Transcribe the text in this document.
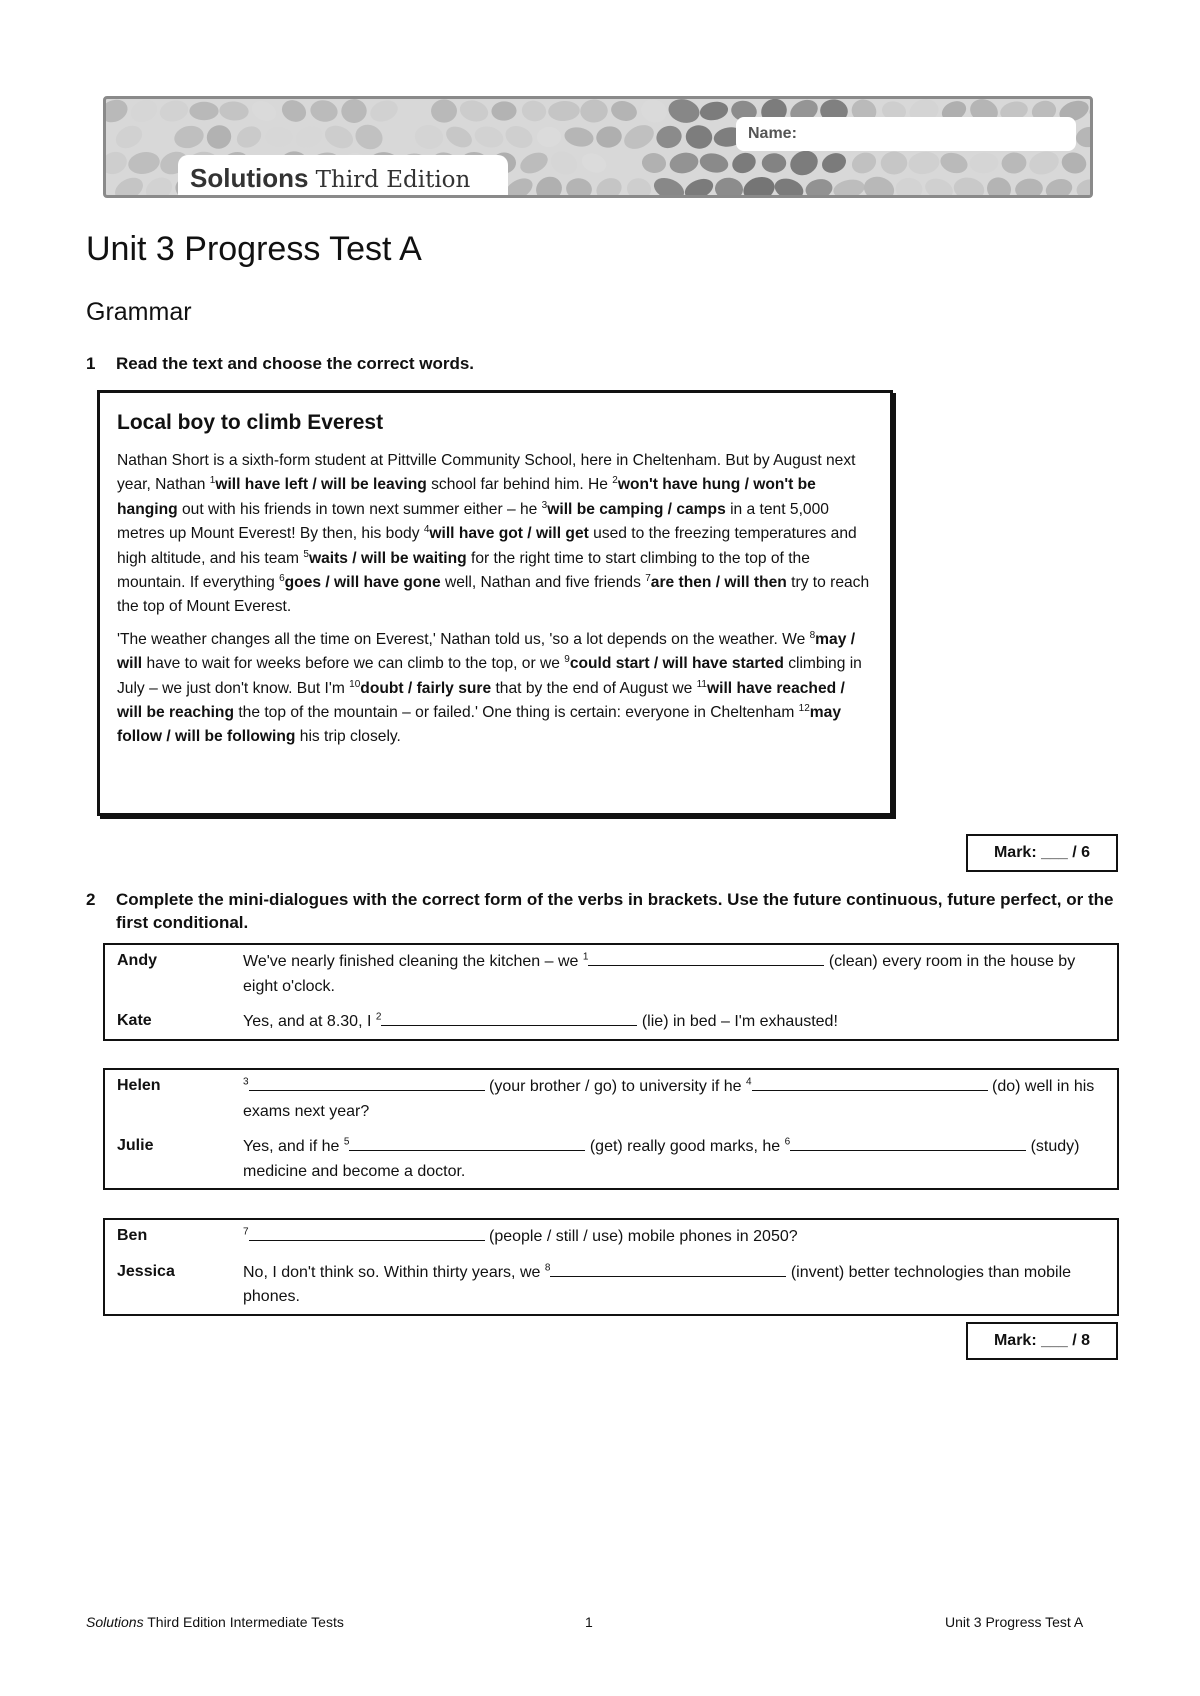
Name:
Solutions Third Edition
Unit 3 Progress Test A
Grammar
1 Read the text and choose the correct words.
Local boy to climb Everest

Nathan Short is a sixth-form student at Pittville Community School, here in Cheltenham. But by August next year, Nathan $^1$will have left / will be leaving school far behind him. He $^2$won't have hung / won't be hanging out with his friends in town next summer either – he $^3$will be camping / camps in a tent 5,000 metres up Mount Everest! By then, his body $^4$will have got / will get used to the freezing temperatures and high altitude, and his team $^5$waits / will be waiting for the right time to start climbing to the top of the mountain. If everything $^6$goes / will have gone well, Nathan and five friends $^7$are then / will then try to reach the top of Mount Everest.

'The weather changes all the time on Everest,' Nathan told us, 'so a lot depends on the weather. We $^8$may / will have to wait for weeks before we can climb to the top, or we $^9$could start / will have started climbing in July – we just don't know. But I'm $^{10}$doubt / fairly sure that by the end of August we $^{11}$will have reached / will be reaching the top of the mountain – or failed.' One thing is certain: everyone in Cheltenham $^{12}$may follow / will be following his trip closely.

Mark: ___ / 6
2 Complete the mini-dialogues with the correct form of the verbs in brackets. Use the future continuous, future perfect, or the first conditional.
Andy	We've nearly finished cleaning the kitchen – we $^1$	(clean) every room in the house by eight o'clock.
Kate	Yes, and at 8.30, I $^2$	(lie) in bed – I'm exhausted!
Helen	$^3$	(your brother / go) to university if he $^4$	(do) well in his exams next year?
Julie	Yes, and if he $^5$	(get) really good marks, he $^6$	(study) medicine and become a doctor.
Ben	$^7$	(people / still / use) mobile phones in 2050?
Jessica	No, I don't think so. Within thirty years, we $^8$	(invent) better technologies than mobile phones.
Mark: ___ / 8
Solutions Third Edition Intermediate Tests	1	Unit 3 Progress Test A
